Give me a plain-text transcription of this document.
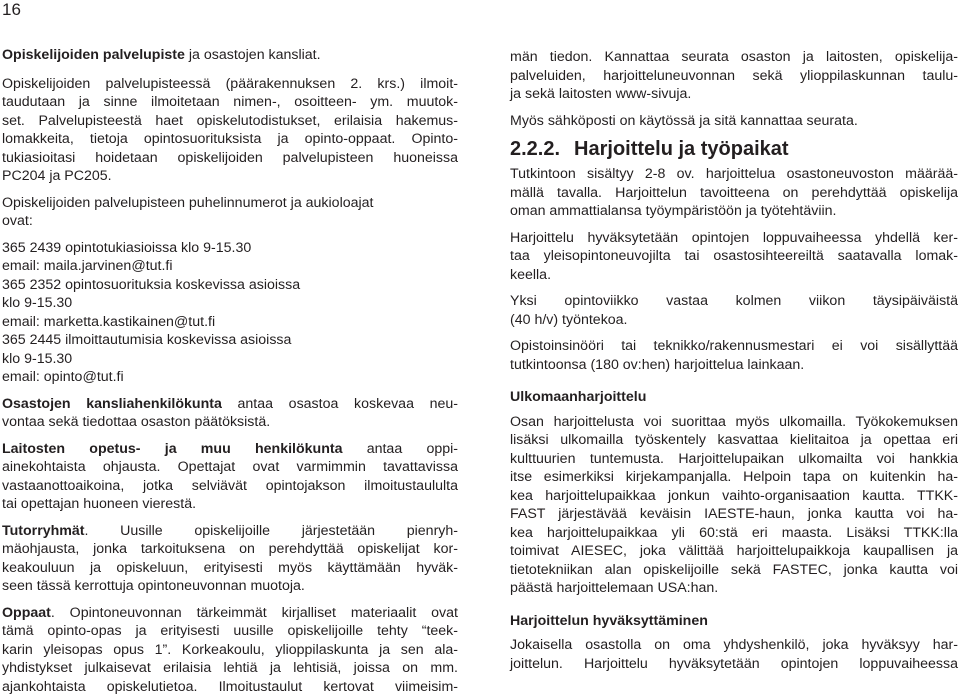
16
Opiskelijoiden palvelupiste ja osastojen kansliat.
Opiskelijoiden palvelupisteessä (päärakennuksen 2. krs.) ilmoit-
taudutaan ja sinne ilmoitetaan nimen-, osoitteen- ym. muutok-
set. Palvelupisteestä haet opiskelutodistukset, erilaisia hakemus-
lomakkeita, tietoja opintosuorituksista ja opinto-oppaat. Opinto-
tukiasioitasi hoidetaan opiskelijoiden palvelupisteen huoneissa
PC204 ja PC205.
Opiskelijoiden palvelupisteen puhelinnumerot ja aukioloajat
ovat:
365 2439 opintotukiasioissa klo 9-15.30
email: maila.jarvinen@tut.fi
365 2352 opintosuorituksia koskevissa asioissa
klo 9-15.30
email: marketta.kastikainen@tut.fi
365 2445 ilmoittautumisia koskevissa asioissa
klo 9-15.30
email: opinto@tut.fi
Osastojen kansliahenkilökunta antaa osastoa koskevaa neu-
vontaa sekä tiedottaa osaston päätöksistä.
Laitosten opetus- ja muu henkilökunta antaa oppi-
ainekohtaista ohjausta. Opettajat ovat varmimmin tavattavissa
vastaanottoaikoina, jotka selviävät opintojakson ilmoitustaululta
tai opettajan huoneen vierestä.
Tutorryhmät. Uusille opiskelijoille järjestetään pienryh-
mäohjausta, jonka tarkoituksena on perehdyttää opiskelijat kor-
keakouluun ja opiskeluun, erityisesti myös käyttämään hyväk-
seen tässä kerrottuja opintoneuvonnan muotoja.
Oppaat. Opintoneuvonnan tärkeimmät kirjalliset materiaalit ovat
tämä opinto-opas ja erityisesti uusille opiskelijoille tehty “teek-
karin yleisopas opus 1”. Korkeakoulu, ylioppilaskunta ja sen ala-
yhdistykset julkaisevat erilaisia lehtiä ja lehtisiä, joissa on mm.
ajankohtaista opiskelutietoa. Ilmoitustaulut kertovat viimeisim-
män tiedon. Kannattaa seurata osaston ja laitosten, opiskelija-
palveluiden, harjoitteluneuvonnan sekä ylioppilaskunnan taulu-
ja sekä laitosten www-sivuja.
Myös sähköposti on käytössä ja sitä kannattaa seurata.
2.2.2. Harjoittelu ja työpaikat
Tutkintoon sisältyy 2-8 ov. harjoittelua osastoneuvoston määrää-
mällä tavalla. Harjoittelun tavoitteena on perehdyttää opiskelija
oman ammattialansa työympäristöön ja työtehtäviin.
Harjoittelu hyväksytetään opintojen loppuvaiheessa yhdellä ker-
taa yleisopintoneuvojilta tai osastosihteereiltä saatavalla lomak-
keella.
Yksi opintoviikko vastaa kolmen viikon täysipäiväistä
(40 h/v) työntekoa.
Opistoinsinööri tai teknikko/rakennusmestari ei voi sisällyttää
tutkintoonsa (180 ov:hen) harjoittelua lainkaan.
Ulkomaanharjoittelu
Osan harjoittelusta voi suorittaa myös ulkomailla. Työkokemuksen
lisäksi ulkomailla työskentely kasvattaa kielitaitoa ja opettaa eri
kulttuurien tuntemusta. Harjoittelupaikan ulkomailta voi hankkia
itse esimerkiksi kirjekampanjalla. Helpoin tapa on kuitenkin ha-
kea harjoittelupaikkaa jonkun vaihto-organisaation kautta. TTKK-
FAST järjestävää keväisin IAESTE-haun, jonka kautta voi ha-
kea harjoittelupaikkaa yli 60:stä eri maasta. Lisäksi TTKK:lla
toimivat AIESEC, joka välittää harjoittelupaikkoja kaupallisen ja
tietotekniikan alan opiskelijoille sekä FASTEC, jonka kautta voi
päästä harjoittelemaan USA:han.
Harjoittelun hyväksyttäminen
Jokaisella osastolla on oma yhdyshenkilö, joka hyväksyy har-
joittelun. Harjoittelu hyväksytetään opintojen loppuvaiheessa
